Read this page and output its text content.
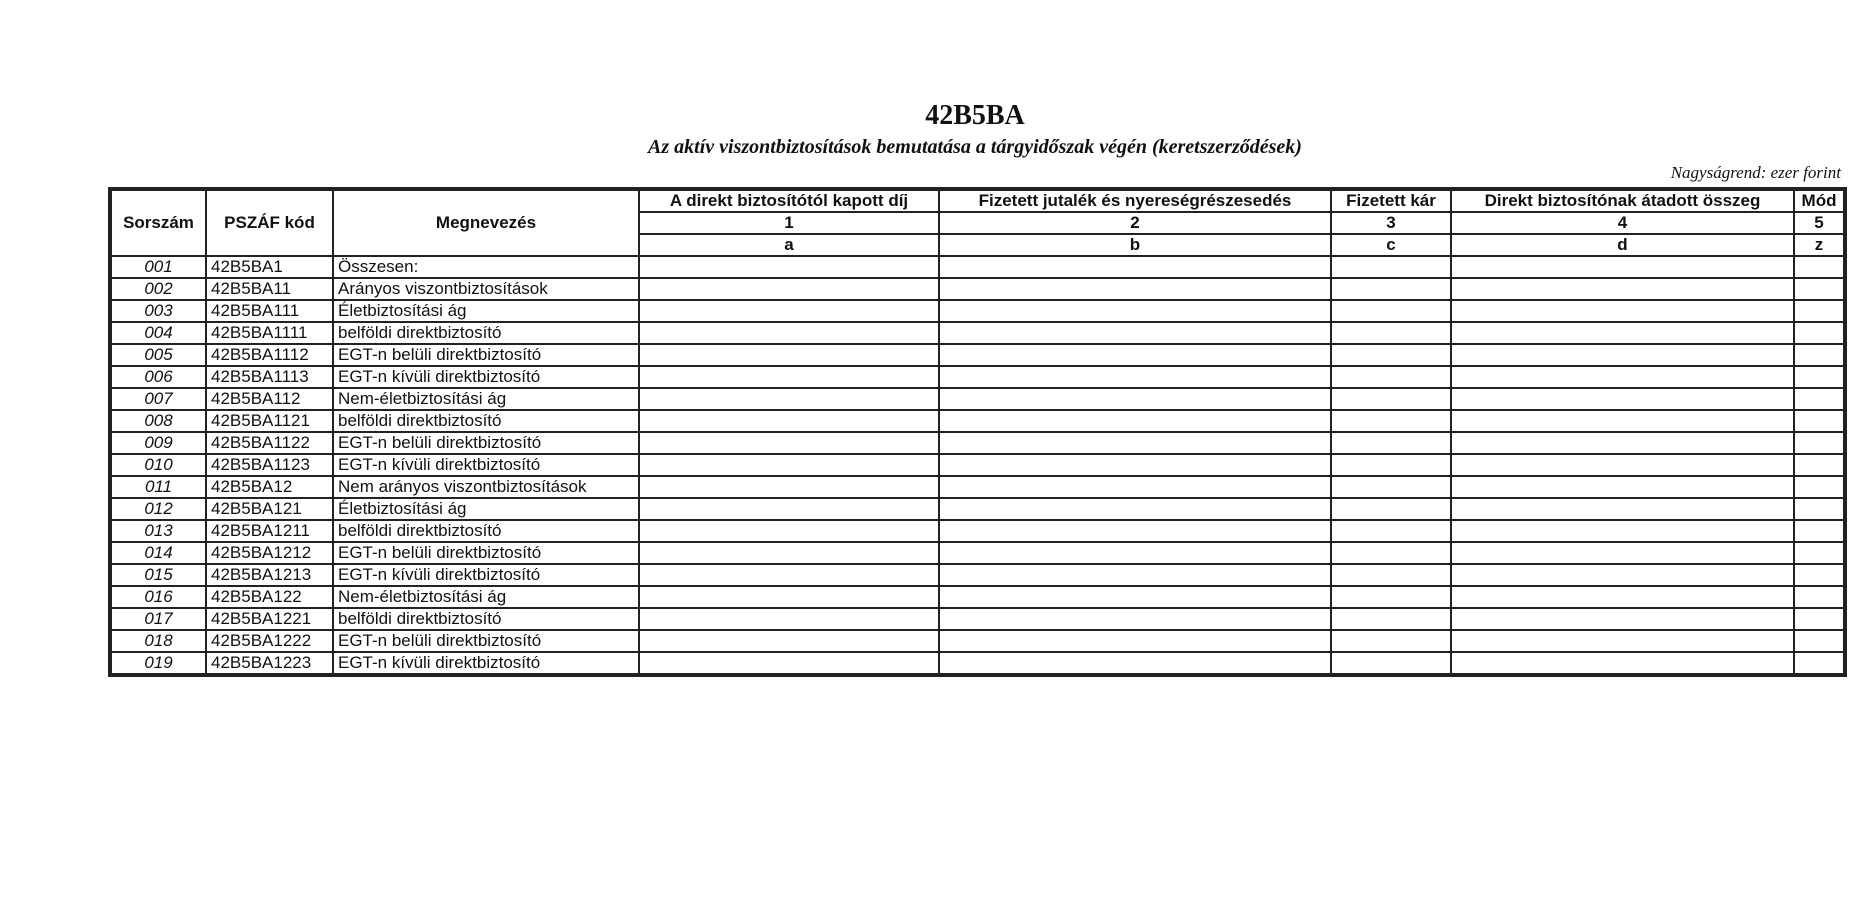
42B5BA
Az aktív viszontbiztosítások bemutatása a tárgyidőszak végén (keretszerződések)
Nagyságrend: ezer forint
Sorszám	PSZÁF kód	Megnevezés	A direkt biztosítótól kapott díj	Fizetett jutalék és nyereségrészesedés	Fizetett kár	Direkt biztosítónak átadott összeg	Mód
			1	2	3	4	5
			a	b	c	d	z
001	42B5BA1	Összesen:					
002	42B5BA11	Arányos viszontbiztosítások					
003	42B5BA111	Életbiztosítási ág					
004	42B5BA1111	belföldi direktbiztosító					
005	42B5BA1112	EGT-n belüli direktbiztosító					
006	42B5BA1113	EGT-n kívüli direktbiztosító					
007	42B5BA112	Nem-életbiztosítási ág					
008	42B5BA1121	belföldi direktbiztosító					
009	42B5BA1122	EGT-n belüli direktbiztosító					
010	42B5BA1123	EGT-n kívüli direktbiztosító					
011	42B5BA12	Nem arányos viszontbiztosítások					
012	42B5BA121	Életbiztosítási ág					
013	42B5BA1211	belföldi direktbiztosító					
014	42B5BA1212	EGT-n belüli direktbiztosító					
015	42B5BA1213	EGT-n kívüli direktbiztosító					
016	42B5BA122	Nem-életbiztosítási ág					
017	42B5BA1221	belföldi direktbiztosító					
018	42B5BA1222	EGT-n belüli direktbiztosító					
019	42B5BA1223	EGT-n kívüli direktbiztosító					
